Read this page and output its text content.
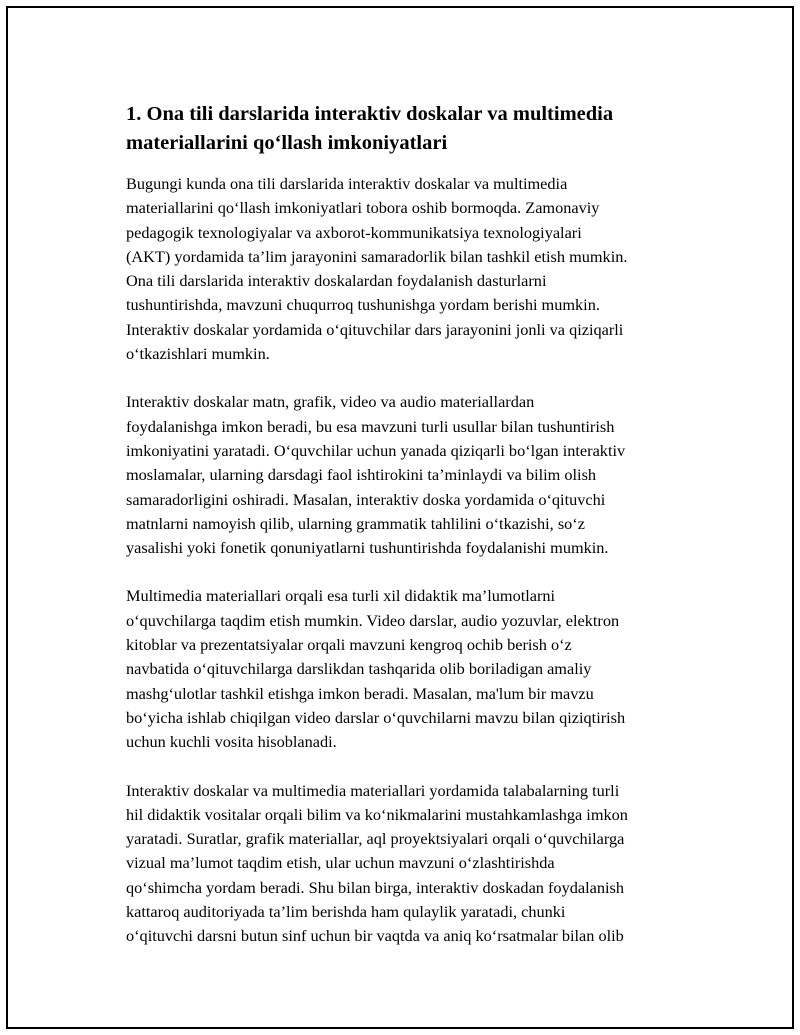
1. Ona tili darslarida interaktiv doskalar va multimedia
materiallarini qo‘llash imkoniyatlari

Bugungi kunda ona tili darslarida interaktiv doskalar va multimedia
materiallarini qo‘llash imkoniyatlari tobora oshib bormoqda. Zamonaviy
pedagogik texnologiyalar va axborot-kommunikatsiya texnologiyalari
(AKT) yordamida ta’lim jarayonini samaradorlik bilan tashkil etish mumkin.
Ona tili darslarida interaktiv doskalardan foydalanish dasturlarni
tushuntirishda, mavzuni chuqurroq tushunishga yordam berishi mumkin.
Interaktiv doskalar yordamida o‘qituvchilar dars jarayonini jonli va qiziqarli
o‘tkazishlari mumkin.

Interaktiv doskalar matn, grafik, video va audio materiallardan
foydalanishga imkon beradi, bu esa mavzuni turli usullar bilan tushuntirish
imkoniyatini yaratadi. O‘quvchilar uchun yanada qiziqarli bo‘lgan interaktiv
moslamalar, ularning darsdagi faol ishtirokini ta’minlaydi va bilim olish
samaradorligini oshiradi. Masalan, interaktiv doska yordamida o‘qituvchi
matnlarni namoyish qilib, ularning grammatik tahlilini o‘tkazishi, so‘z
yasalishi yoki fonetik qonuniyatlarni tushuntirishda foydalanishi mumkin.

Multimedia materiallari orqali esa turli xil didaktik ma’lumotlarni
o‘quvchilarga taqdim etish mumkin. Video darslar, audio yozuvlar, elektron
kitoblar va prezentatsiyalar orqali mavzuni kengroq ochib berish o‘z
navbatida o‘qituvchilarga darslikdan tashqarida olib boriladigan amaliy
mashg‘ulotlar tashkil etishga imkon beradi. Masalan, ma'lum bir mavzu
bo‘yicha ishlab chiqilgan video darslar o‘quvchilarni mavzu bilan qiziqtirish
uchun kuchli vosita hisoblanadi.

Interaktiv doskalar va multimedia materiallari yordamida talabalarning turli
hil didaktik vositalar orqali bilim va ko‘nikmalarini mustahkamlashga imkon
yaratadi. Suratlar, grafik materiallar, aql proyektsiyalari orqali o‘quvchilarga
vizual ma’lumot taqdim etish, ular uchun mavzuni o‘zlashtirishda
qo‘shimcha yordam beradi. Shu bilan birga, interaktiv doskadan foydalanish
kattaroq auditoriyada ta’lim berishda ham qulaylik yaratadi, chunki
o‘qituvchi darsni butun sinf uchun bir vaqtda va aniq ko‘rsatmalar bilan olib
